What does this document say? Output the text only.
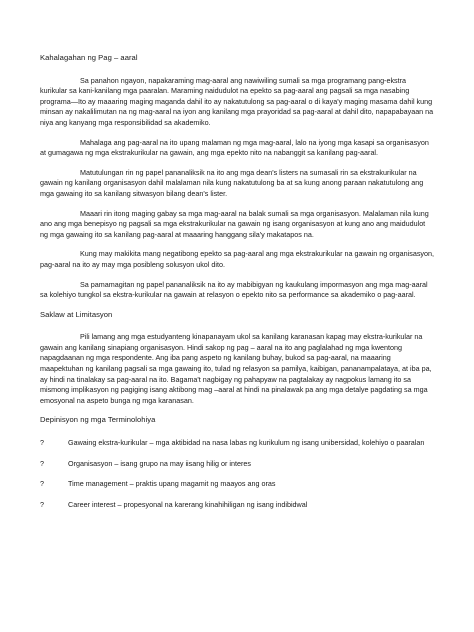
Kahalagahan ng Pag – aaral

Sa panahon ngayon, napakaraming mag-aaral ang nawiwiling sumali sa mga programang pang-ekstra kurikular sa kani-kanilang mga paaralan. Maraming naidudulot na epekto sa pag-aaral ang pagsali sa mga nasabing programa—Ito ay maaaring maging maganda dahil ito ay nakatutulong sa pag-aaral o di kaya'y maging masama dahil kung minsan ay nakalilimutan na ng mag-aaral na iyon ang kanilang mga prayoridad sa pag-aaral at dahil dito, napapabayaan na niya ang kanyang mga responsibilidad sa akademiko.

Mahalaga ang pag-aaral na ito upang malaman ng mga mag-aaral, lalo na iyong mga kasapi sa organisasyon at gumagawa ng mga ekstrakurikular na gawain, ang mga epekto nito na nabanggit sa kanilang pag-aaral.

Matutulungan rin ng papel pananaliksik na ito ang mga dean's listers na sumasali rin sa ekstrakurikular na gawain ng kanilang organisasyon dahil malalaman nila kung nakatutulong ba at sa kung anong paraan nakatutulong ang mga gawaing ito sa kanilang sitwasyon bilang dean's lister.

Maaari rin itong maging gabay sa mga mag-aaral na balak sumali sa mga organisasyon. Malalaman nila kung ano ang mga benepisyo ng pagsali sa mga ekstrakurikular na gawain ng isang organisasyon at kung ano ang maidudulot ng mga gawaing ito sa kanilang pag-aaral at maaaring hanggang sila'y makatapos na.

Kung may makikita mang negatibong epekto sa pag-aaral ang mga ekstrakurikular na gawain ng organisasyon, pag-aaral na ito ay may mga posibleng solusyon ukol dito.

Sa pamamagitan ng papel pananaliksik na ito ay mabibigyan ng kaukulang impormasyon ang mga mag-aaral sa kolehiyo tungkol sa ekstra-kurikular na gawain at relasyon o epekto nito sa performance sa akademiko o pag-aaral.

Saklaw at Limitasyon

Pili lamang ang mga estudyanteng kinapanayam ukol sa kanilang karanasan kapag may ekstra-kurikular na gawain ang kanilang sinapiang organisasyon. Hindi sakop ng pag – aaral na ito ang paglalahad ng mga kwentong napagdaanan ng mga respondente. Ang iba pang aspeto ng kanilang buhay, bukod sa pag-aaral, na maaaring maapektuhan ng kanilang pagsali sa mga gawaing ito, tulad ng relasyon sa pamilya, kaibigan, pananampalataya, at iba pa, ay hindi na tinalakay sa pag-aaral na ito. Bagama't nagbigay ng pahapyaw na pagtalakay ay nagpokus lamang ito sa mismong implikasyon ng pagiging isang aktibong mag –aaral at hindi na pinalawak pa ang mga detalye pagdating sa mga emosyonal na aspeto bunga ng mga karanasan.

Depinisyon ng mga Terminolohiya
?	Gawaing ekstra-kurikular – mga aktibidad na nasa labas ng kurikulum ng isang unibersidad, kolehiyo o paaralan
?	Organisasyon – isang grupo na may iisang hilig or interes
?	Time management – praktis upang magamit ng maayos ang oras
?	Career interest – propesyonal na karerang kinahihiligan ng isang indibidwal
